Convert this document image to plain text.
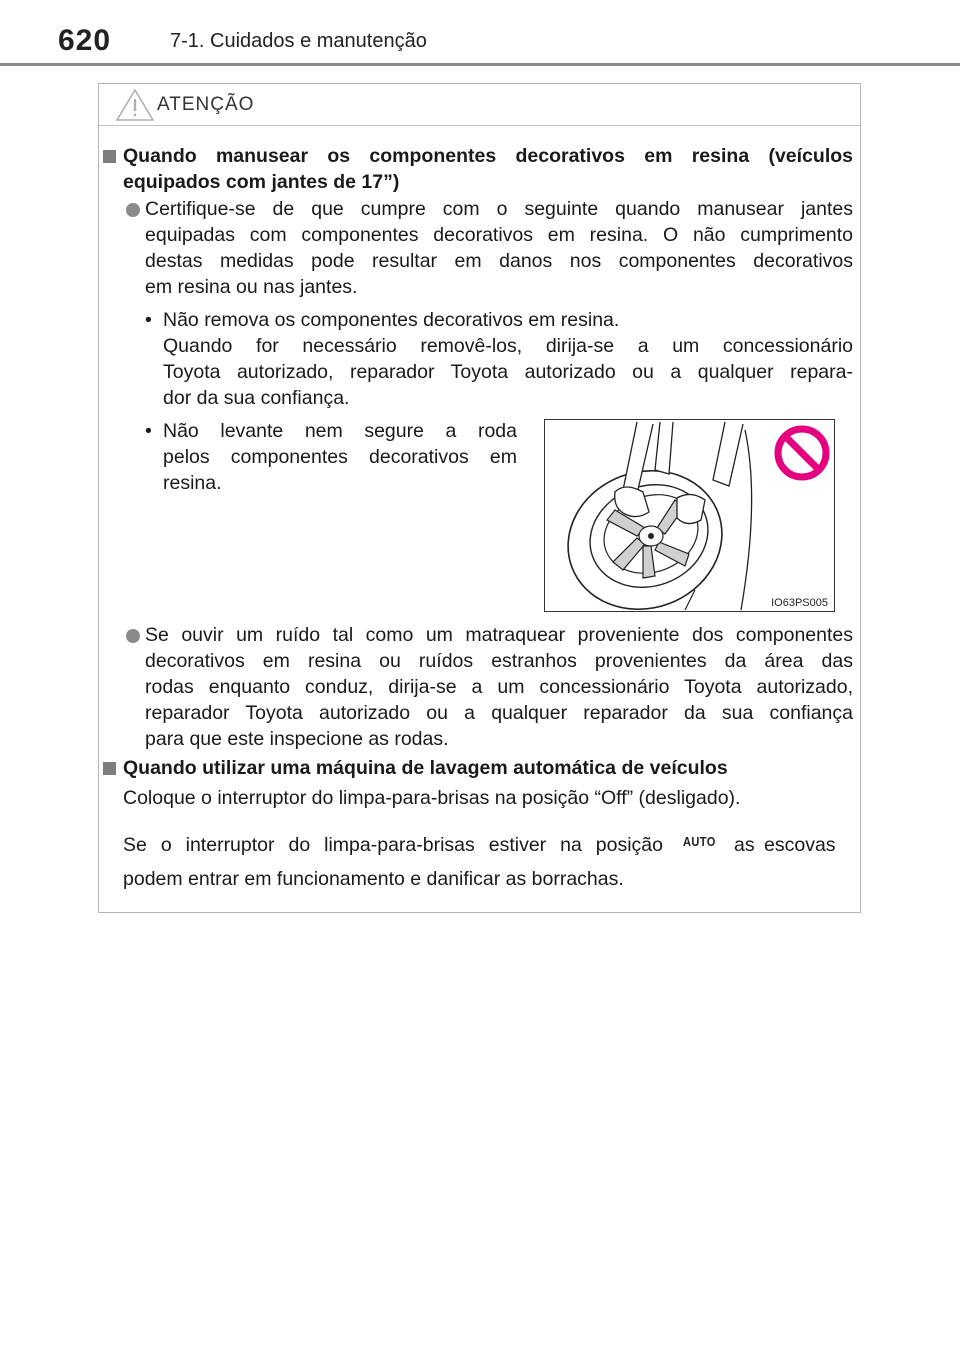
620	7-1. Cuidados e manutenção
ATENÇÃO
Quando manusear os componentes decorativos em resina (veículos
equipados com jantes de 17”)
Certifique-se de que cumpre com o seguinte quando manusear jantes
equipadas com componentes decorativos em resina. O não cumprimento
destas medidas pode resultar em danos nos componentes decorativos
em resina ou nas jantes.
• Não remova os componentes decorativos em resina.
Quando for necessário removê-los, dirija-se a um concessionário
Toyota autorizado, reparador Toyota autorizado ou a qualquer repara-
dor da sua confiança.
• Não levante nem segure a roda
pelos componentes decorativos em
resina.
IO63PS005
Se ouvir um ruído tal como um matraquear proveniente dos componentes
decorativos em resina ou ruídos estranhos provenientes da área das
rodas enquanto conduz, dirija-se a um concessionário Toyota autorizado,
reparador Toyota autorizado ou a qualquer reparador da sua confiança
para que este inspecione as rodas.
Quando utilizar uma máquina de lavagem automática de veículos
Coloque o interruptor do limpa-para-brisas na posição “Off” (desligado).
Se o interruptor do limpa-para-brisas estiver na posição AUTO as escovas
podem entrar em funcionamento e danificar as borrachas.
